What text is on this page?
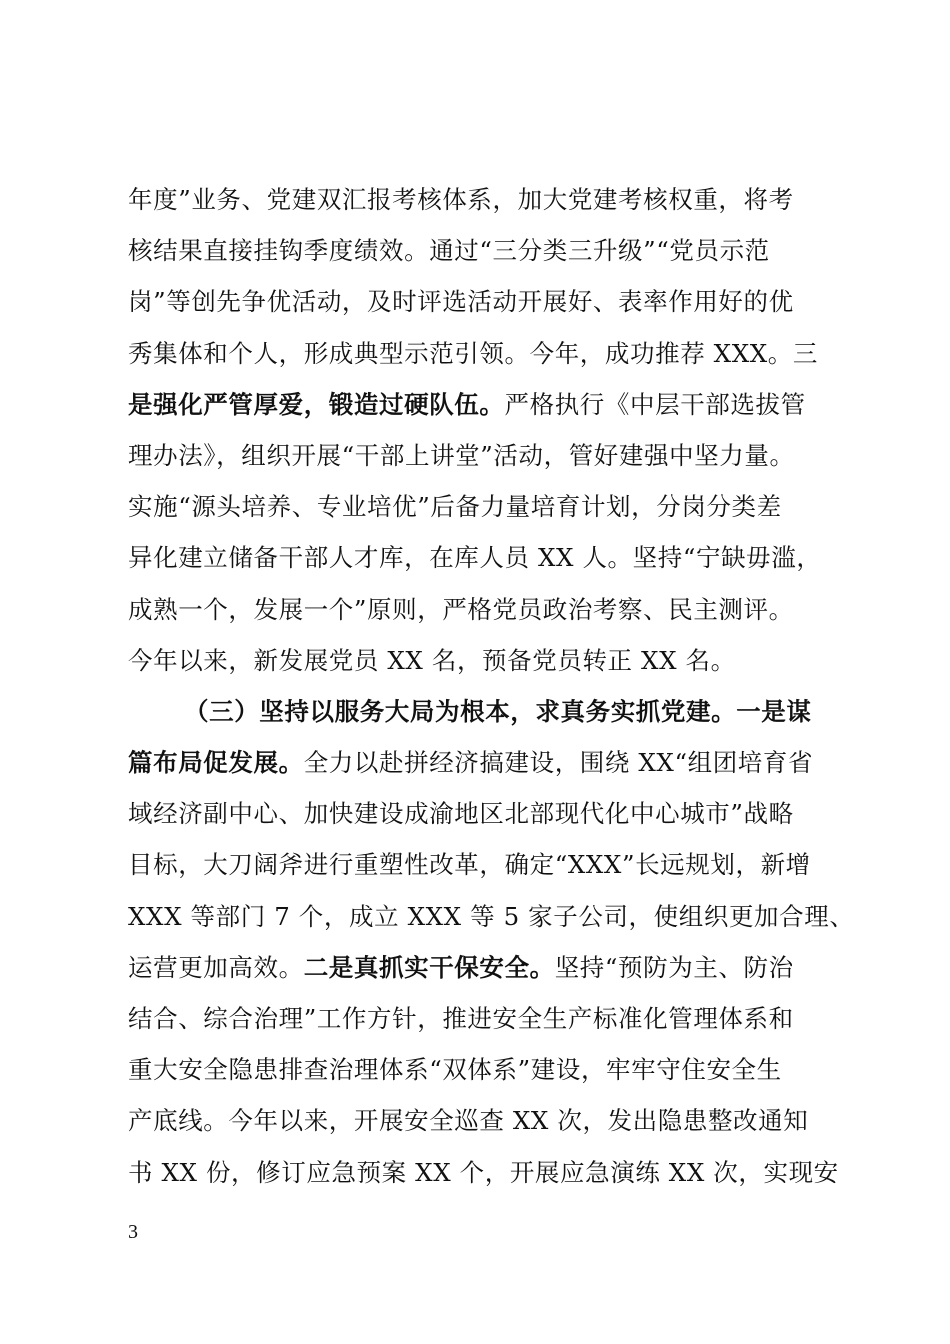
年度”业务、党建双汇报考核体系，加大党建考核权重，将考
核结果直接挂钩季度绩效。通过“三分类三升级”“党员示范
岗”等创先争优活动，及时评选活动开展好、表率作用好的优
秀集体和个人，形成典型示范引领。今年，成功推荐 XXX。三
是强化严管厚爱，锻造过硬队伍。严格执行《中层干部选拔管
理办法》，组织开展“干部上讲堂”活动，管好建强中坚力量。
实施“源头培养、专业培优”后备力量培育计划，分岗分类差
异化建立储备干部人才库，在库人员 XX 人。坚持“宁缺毋滥，
成熟一个，发展一个”原则，严格党员政治考察、民主测评。
今年以来，新发展党员 XX 名，预备党员转正 XX 名。
（三）坚持以服务大局为根本，求真务实抓党建。一是谋
篇布局促发展。全力以赴拼经济搞建设，围绕 XX“组团培育省
域经济副中心、加快建设成渝地区北部现代化中心城市”战略
目标，大刀阔斧进行重塑性改革，确定“XXX”长远规划，新增
XXX 等部门 7 个，成立 XXX 等 5 家子公司，使组织更加合理、
运营更加高效。二是真抓实干保安全。坚持“预防为主、防治
结合、综合治理”工作方针，推进安全生产标准化管理体系和
重大安全隐患排查治理体系“双体系”建设，牢牢守住安全生
产底线。今年以来，开展安全巡查 XX 次，发出隐患整改通知
书 XX 份，修订应急预案 XX 个，开展应急演练 XX 次，实现安
3
